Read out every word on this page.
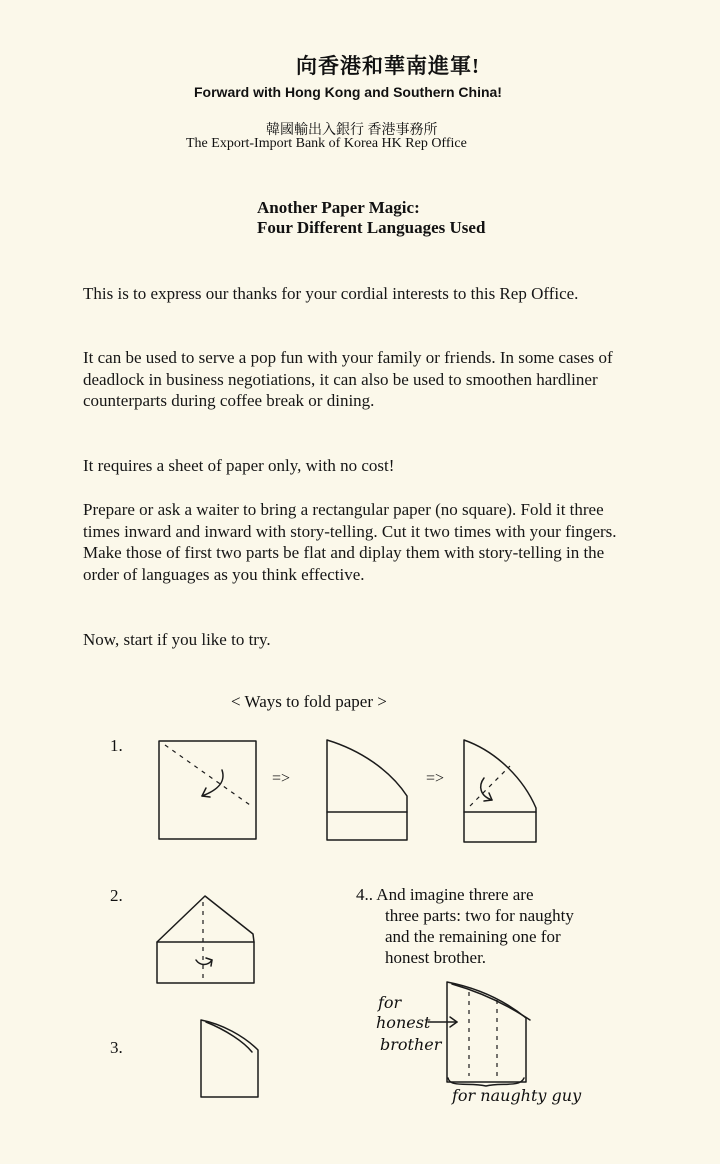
向香港和華南進軍!
Forward with Hong Kong and Southern China!
韓國輸出入銀行 香港事務所
The Export-Import Bank of Korea HK Rep Office
Another Paper Magic:
Four Different Languages Used
This is to express our thanks for your cordial interests to this Rep Office.
It can be used to serve a pop fun with your family or friends. In some cases of deadlock in business negotiations, it can also be used to smoothen hardliner counterparts during coffee break or dining.
It requires a sheet of paper only, with no cost!
Prepare or ask a waiter to bring a rectangular paper (no square). Fold it three times inward and inward with story-telling. Cut it two times with your fingers. Make those of first two parts be flat and diplay them with story-telling in the order of languages as you think effective.
Now, start if you like to try.
< Ways to fold paper >
1.
2.
3.
=>	=>
4.. And imagine threre are
three parts: two for naughty
and the remaining one for
honest brother.
for
honest
brother
for naughty guy
